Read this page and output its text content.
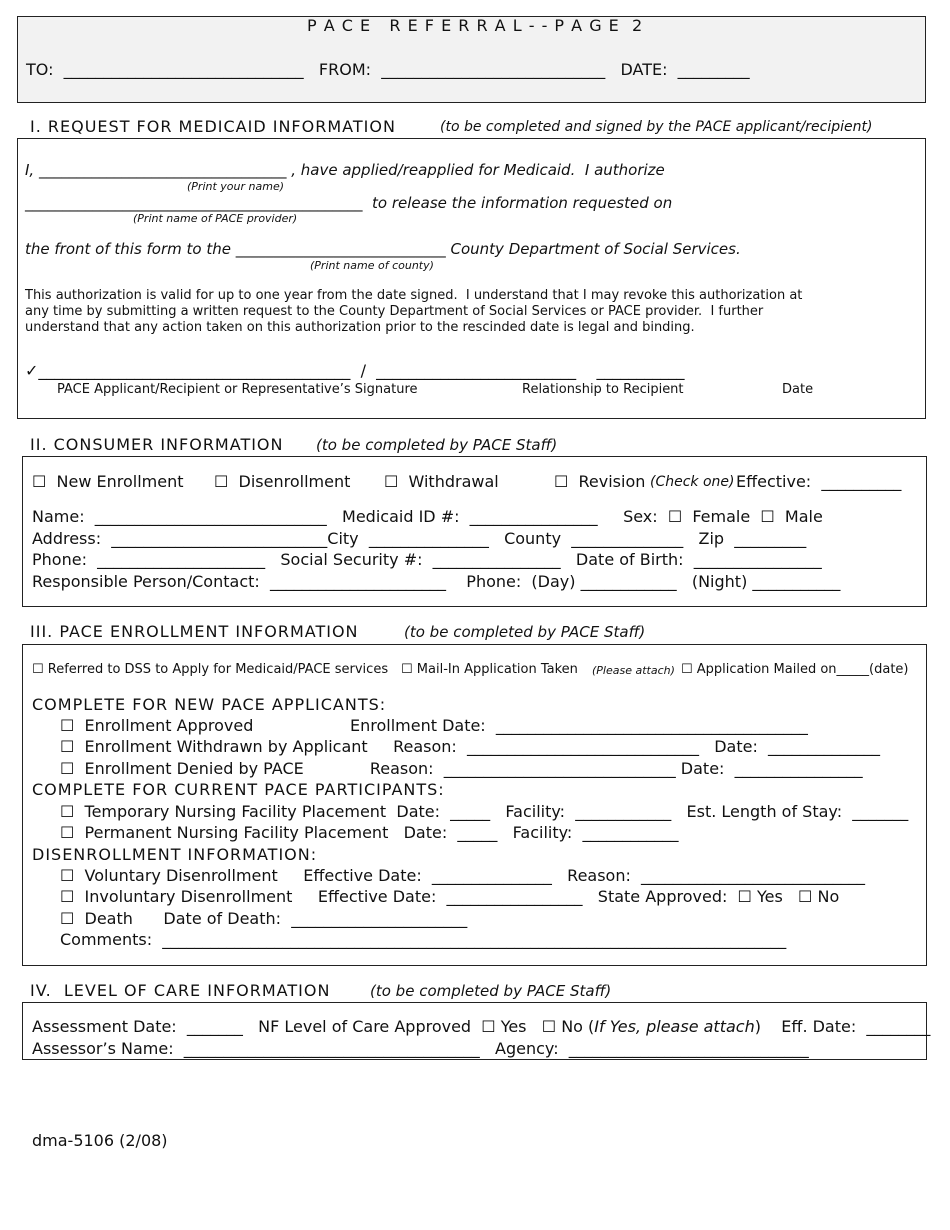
P A C E   R E F E R R A L - - P A G E  2
TO:  ______________________________   FROM:  ____________________________   DATE:  _________
I. REQUEST FOR MEDICAID INFORMATION	(to be completed and signed by the PACE applicant/recipient)
I, _________________________________ , have applied/reapplied for Medicaid.  I authorize
(Print your name)
_____________________________________________  to release the information requested on
(Print name of PACE provider)
the front of this form to the ____________________________ County Department of Social Services.
(Print name of county)
This authorization is valid for up to one year from the date signed.  I understand that I may revoke this authorization at
any time by submitting a written request to the County Department of Social Services or PACE provider.  I further
understand that any action taken on this authorization prior to the rescinded date is legal and binding.
✓_______________________________________  /  _________________________    ___________
PACE Applicant/Recipient or Representative’s Signature	Relationship to Recipient	Date
II. CONSUMER INFORMATION (to be completed by PACE Staff)
☐  New Enrollment ☐  Disenrollment ☐  Withdrawal	☐  Revision (Check one) Effective:  __________
Name:  _____________________________   Medicaid ID #:  ________________     Sex:  ☐  Female  ☐  Male
Address:  ___________________________City  _______________   County  ______________   Zip  _________
Phone:  _____________________   Social Security #:  ________________   Date of Birth:  ________________
Responsible Person/Contact:  ______________________    Phone:  (Day) ____________   (Night) ___________
III. PACE ENROLLMENT INFORMATION	(to be completed by PACE Staff)
☐ Referred to DSS to Apply for Medicaid/PACE services ☐ Mail-In Application Taken (Please attach) ☐ Application Mailed on_____(date)
COMPLETE FOR NEW PACE APPLICANTS:
☐  Enrollment Approved                   Enrollment Date:  _______________________________________
☐  Enrollment Withdrawn by Applicant     Reason:  _____________________________   Date:  ______________
☐  Enrollment Denied by PACE             Reason:  _____________________________ Date:  ________________
COMPLETE FOR CURRENT PACE PARTICIPANTS:
☐  Temporary Nursing Facility Placement  Date:  _____   Facility:  ____________   Est. Length of Stay:  _______
☐  Permanent Nursing Facility Placement   Date:  _____   Facility:  ____________
DISENROLLMENT INFORMATION:
☐  Voluntary Disenrollment     Effective Date:  _______________   Reason:  ____________________________
☐  Involuntary Disenrollment     Effective Date:  _________________   State Approved:  ☐ Yes   ☐ No
☐  Death      Date of Death:  ______________________
Comments:  ______________________________________________________________________________
IV.  LEVEL OF CARE INFORMATION	(to be completed by PACE Staff)
Assessment Date:  _______   NF Level of Care Approved  ☐ Yes   ☐ No (If Yes, please attach)    Eff. Date:  ________
Assessor’s Name:  _____________________________________   Agency:  ______________________________
dma-5106 (2/08)
